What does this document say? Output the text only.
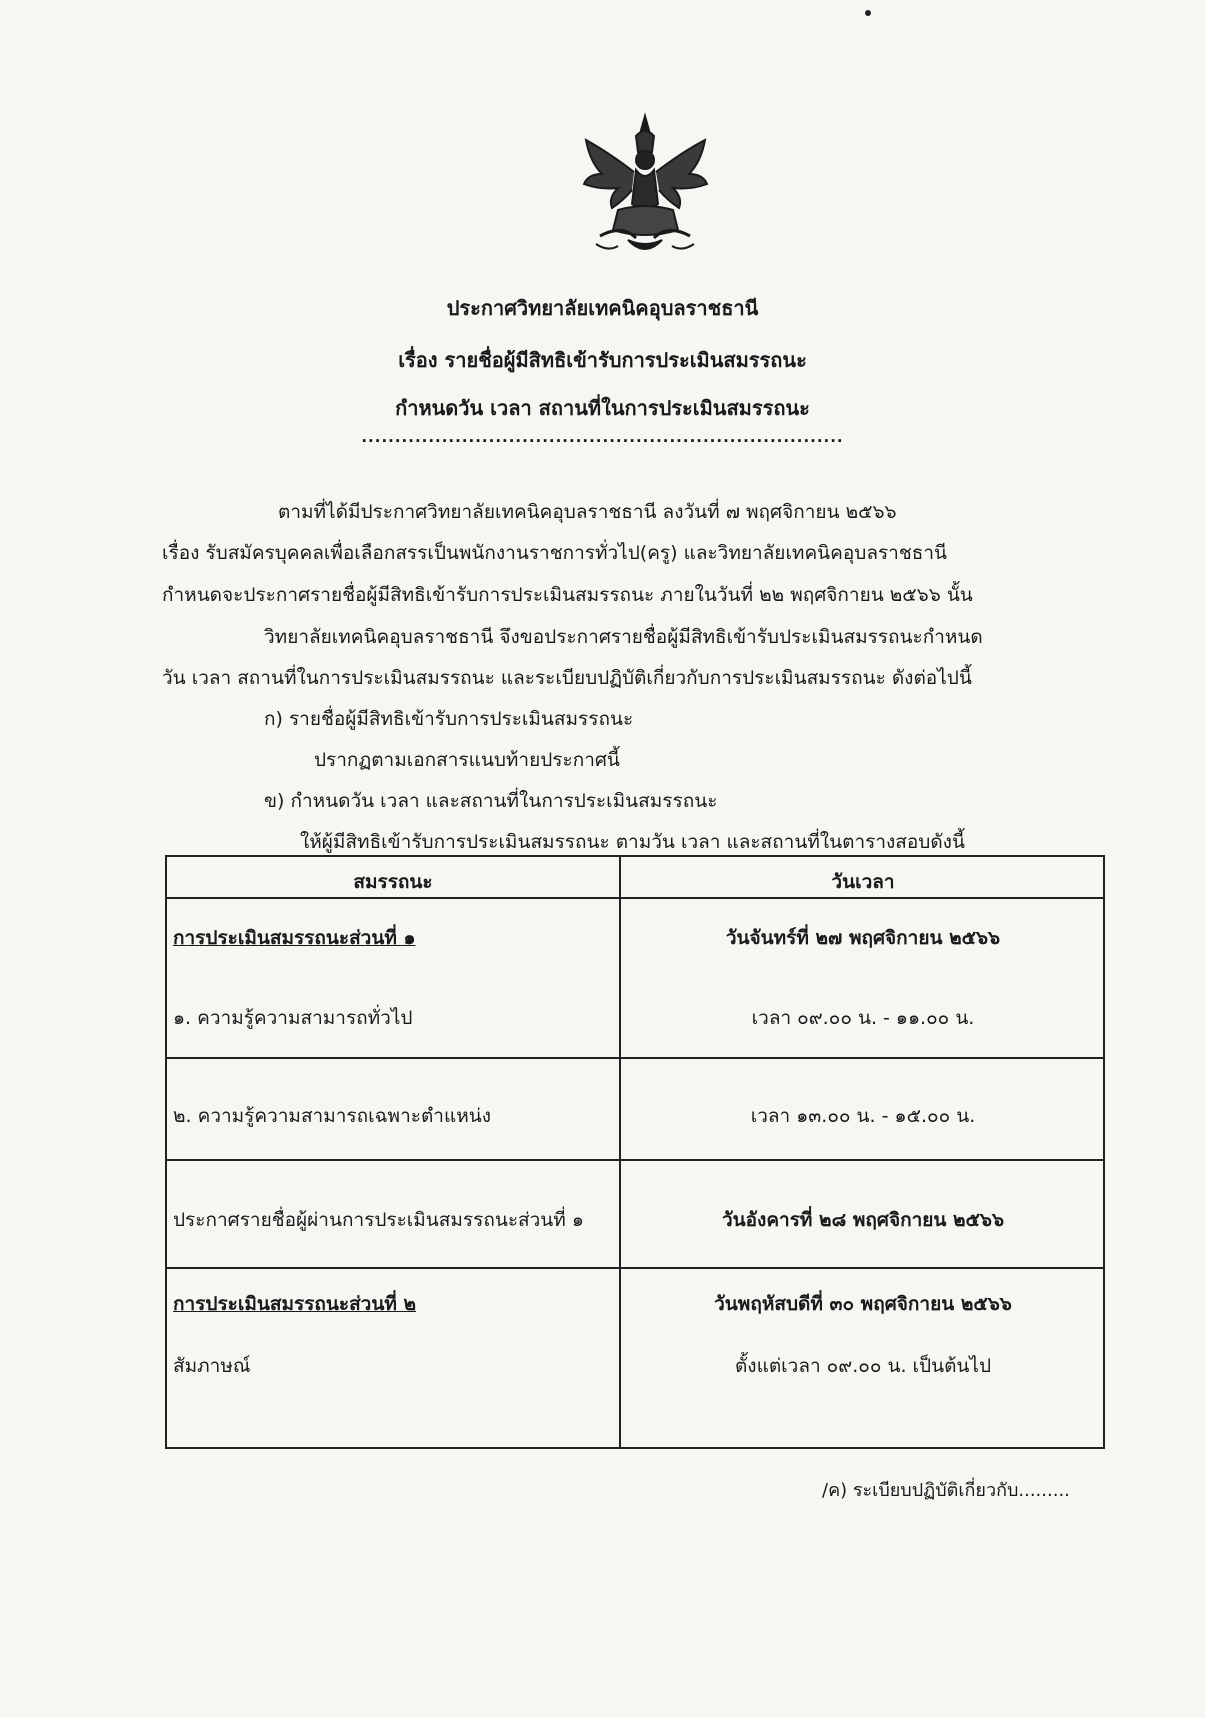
ประกาศวิทยาลัยเทคนิคอุบลราชธานี
เรื่อง รายชื่อผู้มีสิทธิเข้ารับการประเมินสมรรถนะ
กำหนดวัน เวลา สถานที่ในการประเมินสมรรถนะ
........................................................................
ตามที่ได้มีประกาศวิทยาลัยเทคนิคอุบลราชธานี ลงวันที่ ๗ พฤศจิกายน ๒๕๖๖
เรื่อง รับสมัครบุคคลเพื่อเลือกสรรเป็นพนักงานราชการทั่วไป(ครู) และวิทยาลัยเทคนิคอุบลราชธานี
กำหนดจะประกาศรายชื่อผู้มีสิทธิเข้ารับการประเมินสมรรถนะ ภายในวันที่ ๒๒ พฤศจิกายน ๒๕๖๖ นั้น
วิทยาลัยเทคนิคอุบลราชธานี จึงขอประกาศรายชื่อผู้มีสิทธิเข้ารับประเมินสมรรถนะกำหนด
วัน เวลา สถานที่ในการประเมินสมรรถนะ และระเบียบปฏิบัติเกี่ยวกับการประเมินสมรรถนะ ดังต่อไปนี้
ก) รายชื่อผู้มีสิทธิเข้ารับการประเมินสมรรถนะ
ปรากฏตามเอกสารแนบท้ายประกาศนี้
ข) กำหนดวัน เวลา และสถานที่ในการประเมินสมรรถนะ
ให้ผู้มีสิทธิเข้ารับการประเมินสมรรถนะ ตามวัน เวลา และสถานที่ในตารางสอบดังนี้
สมรรถนะ	วันเวลา
การประเมินสมรรถนะส่วนที่ ๑	วันจันทร์ที่ ๒๗ พฤศจิกายน ๒๕๖๖
๑. ความรู้ความสามารถทั่วไป	เวลา ๐๙.๐๐ น. - ๑๑.๐๐ น.
๒. ความรู้ความสามารถเฉพาะตำแหน่ง	เวลา ๑๓.๐๐ น. - ๑๕.๐๐ น.
ประกาศรายชื่อผู้ผ่านการประเมินสมรรถนะส่วนที่ ๑	วันอังคารที่ ๒๘ พฤศจิกายน ๒๕๖๖
การประเมินสมรรถนะส่วนที่ ๒	วันพฤหัสบดีที่ ๓๐ พฤศจิกายน ๒๕๖๖
สัมภาษณ์	ตั้งแต่เวลา ๐๙.๐๐ น. เป็นต้นไป
/ค) ระเบียบปฏิบัติเกี่ยวกับ.........
